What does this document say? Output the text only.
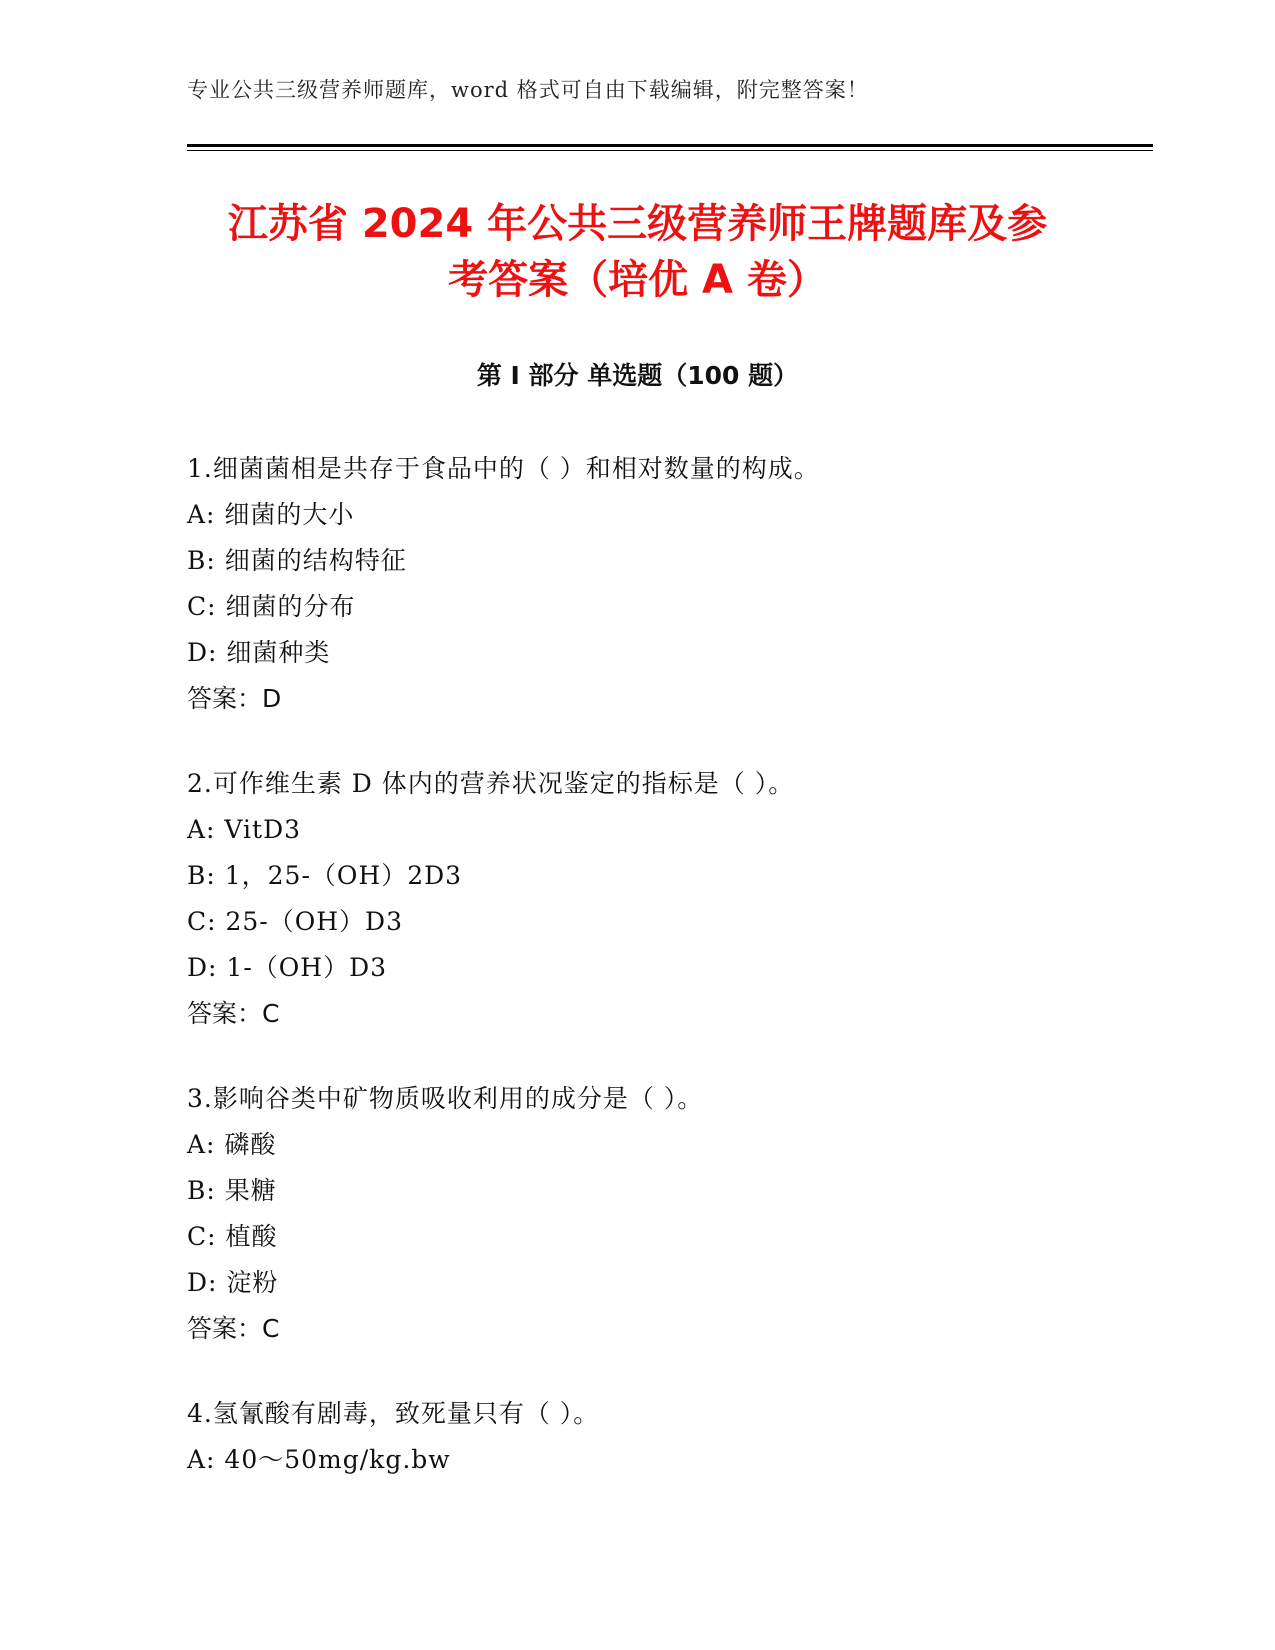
专业公共三级营养师题库，word 格式可自由下载编辑，附完整答案！
江苏省 2024 年公共三级营养师王牌题库及参
考答案（培优 A 卷）
第 I 部分 单选题（100 题）
1.细菌菌相是共存于食品中的（ ）和相对数量的构成。
A: 细菌的大小
B: 细菌的结构特征
C: 细菌的分布
D: 细菌种类
答案：D
2.可作维生素 D 体内的营养状况鉴定的指标是（ ）。
A: VitD3
B: 1，25-（OH）2D3
C: 25-（OH）D3
D: 1-（OH）D3
答案：C
3.影响谷类中矿物质吸收利用的成分是（ ）。
A: 磷酸
B: 果糖
C: 植酸
D: 淀粉
答案：C
4.氢氰酸有剧毒，致死量只有（ ）。
A: 40～50mg/kg.bw
